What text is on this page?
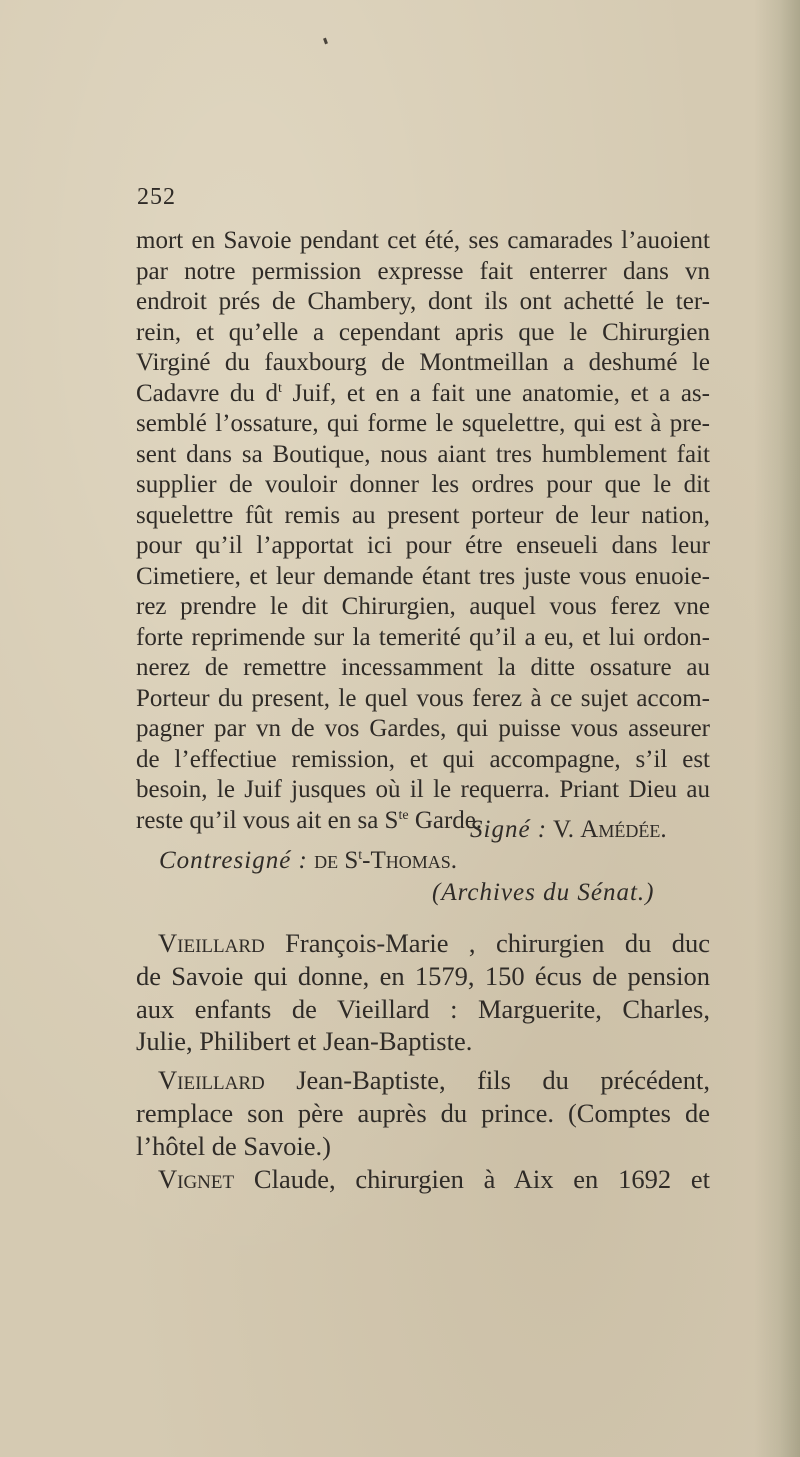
252
mort en Savoie pendant cet été, ses camarades l’auoient
par notre permission expresse fait enterrer dans vn
endroit prés de Chambery, dont ils ont achetté le ter-
rein, et qu’elle a cependant apris que le Chirurgien
Virginé du fauxbourg de Montmeillan a deshumé le
Cadavre du $d^t$ Juif, et en a fait une anatomie, et a as-
semblé l’ossature, qui forme le squelettre, qui est à pre-
sent dans sa Boutique, nous aiant tres humblement fait
supplier de vouloir donner les ordres pour que le dit
squelettre fût remis au present porteur de leur nation,
pour qu’il l’apportat ici pour étre enseueli dans leur
Cimetiere, et leur demande étant tres juste vous enuoie-
rez prendre le dit Chirurgien, auquel vous ferez vne
forte reprimende sur la temerité qu’il a eu, et lui ordon-
nerez de remettre incessamment la ditte ossature au
Porteur du present, le quel vous ferez à ce sujet accom-
pagner par vn de vos Gardes, qui puisse vous asseurer
de l’effectiue remission, et qui accompagne, s’il est
besoin, le Juif jusques où il le requerra. Priant Dieu au
reste qu’il vous ait en sa $S^{te}$ Garde.
Signé : V. Amédée.
Contresigné : de $S^t$-Thomas.
(Archives du Sénat.)
Vieillard François-Marie , chirurgien du duc
de Savoie qui donne, en 1579, 150 écus de pension
aux enfants de Vieillard : Marguerite, Charles,
Julie, Philibert et Jean-Baptiste.
Vieillard Jean-Baptiste, fils du précédent,
remplace son père auprès du prince. (Comptes de
l’hôtel de Savoie.)
Vignet Claude, chirurgien à Aix en 1692 et
